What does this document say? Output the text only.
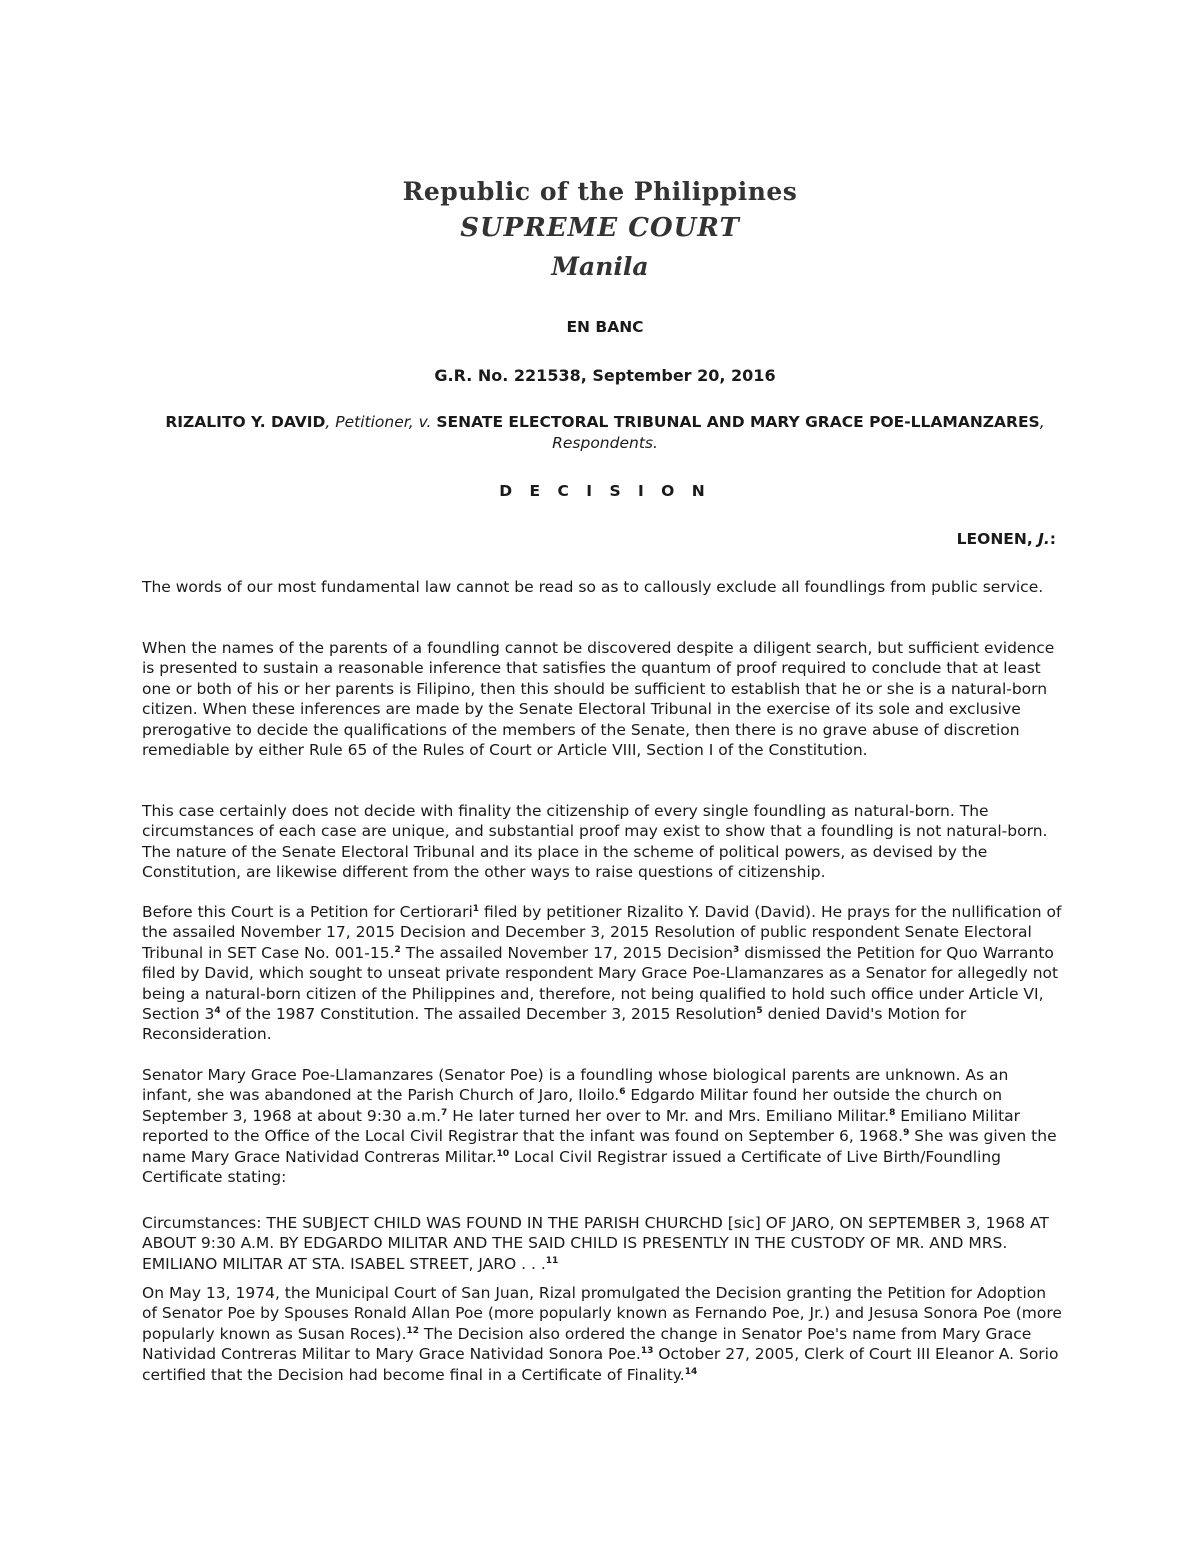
Republic of the Philippines
SUPREME COURT
Manila
EN BANC
G.R. No. 221538, September 20, 2016
RIZALITO Y. DAVID, Petitioner, v. SENATE ELECTORAL TRIBUNAL AND MARY GRACE POE-LLAMANZARES, Respondents.
D E C I S I O N
LEONEN, J.:

The words of our most fundamental law cannot be read so as to callously exclude all foundlings from public service.

When the names of the parents of a foundling cannot be discovered despite a diligent search, but sufficient evidence is presented to sustain a reasonable inference that satisfies the quantum of proof required to conclude that at least one or both of his or her parents is Filipino, then this should be sufficient to establish that he or she is a natural-born citizen. When these inferences are made by the Senate Electoral Tribunal in the exercise of its sole and exclusive prerogative to decide the qualifications of the members of the Senate, then there is no grave abuse of discretion remediable by either Rule 65 of the Rules of Court or Article VIII, Section I of the Constitution.

This case certainly does not decide with finality the citizenship of every single foundling as natural-born. The circumstances of each case are unique, and substantial proof may exist to show that a foundling is not natural-born. The nature of the Senate Electoral Tribunal and its place in the scheme of political powers, as devised by the Constitution, are likewise different from the other ways to raise questions of citizenship.

Before this Court is a Petition for Certiorari$^1$ filed by petitioner Rizalito Y. David (David). He prays for the nullification of the assailed November 17, 2015 Decision and December 3, 2015 Resolution of public respondent Senate Electoral Tribunal in SET Case No. 001-15.$^2$ The assailed November 17, 2015 Decision$^3$ dismissed the Petition for Quo Warranto filed by David, which sought to unseat private respondent Mary Grace Poe-Llamanzares as a Senator for allegedly not being a natural-born citizen of the Philippines and, therefore, not being qualified to hold such office under Article VI, Section $3^4$ of the 1987 Constitution. The assailed December 3, 2015 Resolution$^5$ denied David's Motion for Reconsideration.

Senator Mary Grace Poe-Llamanzares (Senator Poe) is a foundling whose biological parents are unknown. As an infant, she was abandoned at the Parish Church of Jaro, Iloilo.$^6$ Edgardo Militar found her outside the church on September 3, 1968 at about 9:30 a.m.$^7$ He later turned her over to Mr. and Mrs. Emiliano Militar.$^8$ Emiliano Militar reported to the Office of the Local Civil Registrar that the infant was found on September 6, 1968.$^9$ She was given the name Mary Grace Natividad Contreras Militar.$^{10}$ Local Civil Registrar issued a Certificate of Live Birth/Foundling Certificate stating:

Circumstances: THE SUBJECT CHILD WAS FOUND IN THE PARISH CHURCHD [sic] OF JARO, ON SEPTEMBER 3, 1968 AT ABOUT 9:30 A.M. BY EDGARDO MILITAR AND THE SAID CHILD IS PRESENTLY IN THE CUSTODY OF MR. AND MRS. EMILIANO MILITAR AT STA. ISABEL STREET, JARO . . .$^{11}$

On May 13, 1974, the Municipal Court of San Juan, Rizal promulgated the Decision granting the Petition for Adoption of Senator Poe by Spouses Ronald Allan Poe (more popularly known as Fernando Poe, Jr.) and Jesusa Sonora Poe (more popularly known as Susan Roces).$^{12}$ The Decision also ordered the change in Senator Poe's name from Mary Grace Natividad Contreras Militar to Mary Grace Natividad Sonora Poe.$^{13}$ October 27, 2005, Clerk of Court III Eleanor A. Sorio certified that the Decision had become final in a Certificate of Finality.$^{14}$
